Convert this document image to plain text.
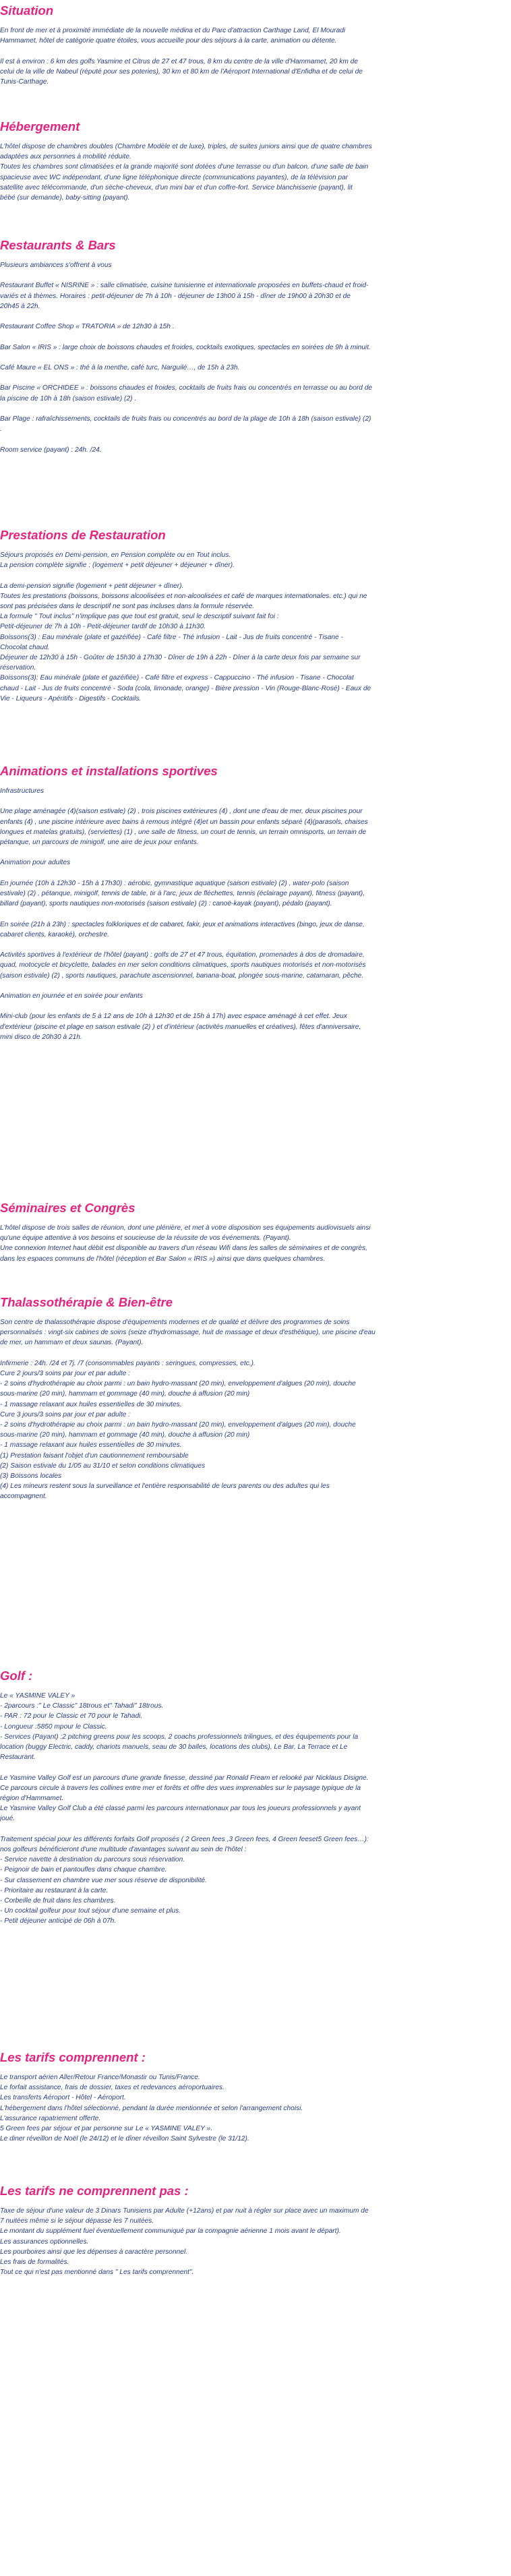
Situation
En front de mer et à proximité immédiate de la nouvelle médina et du Parc d'attraction Carthage Land, El Mouradi
Hammamet, hôtel de catégorie quatre étoiles, vous accueille pour des séjours à la carte, animation ou détente.
Il est à environ : 6 km des golfs Yasmine et Citrus de 27 et 47 trous, 8 km du centre de la ville d'Hammamet, 20 km de
celui de la ville de Nabeul (réputé pour ses poteries), 30 km et 80 km de l'Aéroport International d'Enfidha et de celui de
Tunis-Carthage.
Hébergement
L'hôtel dispose de chambres doubles (Chambre Modèle et de luxe), triples, de suites juniors ainsi que de quatre chambres
adaptées aux personnes à mobilité réduite.
Toutes les chambres sont climatisées et la grande majorité sont dotées d'une terrasse ou d'un balcon, d'une salle de bain
spacieuse avec WC indépendant, d'une ligne téléphonique directe (communications payantes), de la télévision par
satellite avec télécommande, d'un sèche-cheveux, d'un mini bar et d'un coffre-fort. Service blanchisserie (payant), lit
bébé (sur demande), baby-sitting (payant).
Restaurants & Bars
Plusieurs ambiances s'offrent à vous
Restaurant Buffet « NISRINE » : salle climatisée, cuisine tunisienne et internationale proposées en buffets-chaud et froid-
variés et à thèmes. Horaires : petit-déjeuner de 7h à 10h - déjeuner de 13h00 à 15h - dîner de 19h00 à 20h30 et de
20h45 à 22h.
Restaurant Coffee Shop « TRATORIA » de 12h30 à 15h .
Bar Salon « IRIS » : large choix de boissons chaudes et froides, cocktails exotiques, spectacles en soirées de 9h à minuit.
Café Maure « EL ONS » : thé à la menthe, café turc, Narguilé…, de 15h à 23h.
Bar Piscine « ORCHIDEE » : boissons chaudes et froides, cocktails de fruits frais ou concentrés en terrasse ou au bord de
la piscine de 10h à 18h (saison estivale) (2) .
Bar Plage : rafraîchissements, cocktails de fruits frais ou concentrés au bord de la plage de 10h à 18h (saison estivale) (2)
.
Room service (payant) : 24h. /24.
Prestations de Restauration
Séjours proposés en Demi-pension, en Pension complète ou en Tout inclus.
La pension complète signifie : (logement + petit déjeuner + déjeuner + dîner).
La demi-pension signifie (logement + petit déjeuner + dîner).
Toutes les prestations (boissons, boissons alcoolisées et non-alcoolisées et café de marques internationales. etc.) qui ne
sont pas précisées dans le descriptif ne sont pas incluses dans la formule réservée.
La formule " Tout inclus" n'implique pas que tout est gratuit, seul le descriptif suivant fait foi :
Petit-déjeuner de 7h à 10h - Petit-déjeuner tardif de 10h30 à 11h30.
Boissons(3) : Eau minérale (plate et gazéifiée) - Café filtre - Thé infusion - Lait - Jus de fruits concentré - Tisane -
Chocolat chaud.
Déjeuner de 12h30 à 15h - Goûter de 15h30 à 17h30 - Dîner de 19h à 22h - Dîner à la carte deux fois par semaine sur
réservation.
Boissons(3): Eau minérale (plate et gazéifiée) - Café filtre et express - Cappuccino - Thé infusion - Tisane - Chocolat
chaud - Lait - Jus de fruits concentré - Soda (cola, limonade, orange) - Bière pression - Vin (Rouge-Blanc-Rosé) - Eaux de
Vie - Liqueurs - Apéritifs - Digestifs - Cocktails.
Animations et installations sportives
Infrastructures
Une plage aménagée (4)(saison estivale) (2) , trois piscines extérieures (4) , dont une d'eau de mer, deux piscines pour
enfants (4) , une piscine intérieure avec bains à remous intégré (4)et un bassin pour enfants séparé (4)(parasols, chaises
longues et matelas gratuits), (serviettes) (1) , une salle de fitness, un court de tennis, un terrain omnisports, un terrain de
pétanque, un parcours de minigolf, une aire de jeux pour enfants.
Animation pour adultes
En journée (10h à 12h30 - 15h à 17h30) : aérobic, gymnastique aquatique (saison estivale) (2) , water-polo (saison
estivale) (2) , pétanque, minigolf, tennis de table, tir à l'arc, jeux de fléchettes, tennis (éclairage payant), fitness (payant),
billard (payant), sports nautiques non-motorisés (saison estivale) (2) : canoë-kayak (payant), pédalo (payant).
En soirée (21h à 23h) : spectacles folkloriques et de cabaret, fakir, jeux et animations interactives (bingo, jeux de danse,
cabaret clients, karaoké), orchestre.
Activités sportives à l'extérieur de l'hôtel (payant) : golfs de 27 et 47 trous, équitation, promenades à dos de dromadaire,
quad, motocycle et bicyclette, balades en mer selon conditions climatiques, sports nautiques motorisés et non-motorisés
(saison estivale) (2) , sports nautiques, parachute ascensionnel, banana-boat, plongée sous-marine, catamaran, pêche.
Animation en journée et en soirée pour enfants
Mini-club (pour les enfants de 5 à 12 ans de 10h à 12h30 et de 15h à 17h) avec espace aménagé à cet effet. Jeux
d'extérieur (piscine et plage en saison estivale (2) ) et d'intérieur (activités manuelles et créatives), fêtes d'anniversaire,
mini disco de 20h30 à 21h.
Séminaires et Congrès
L'hôtel dispose de trois salles de réunion, dont une plénière, et met à votre disposition ses équipements audiovisuels ainsi
qu'une équipe attentive à vos besoins et soucieuse de la réussite de vos événements. (Payant).
Une connexion Internet haut débit est disponible au travers d'un réseau Wifi dans les salles de séminaires et de congrès,
dans les espaces communs de l'hôtel (réception et Bar Salon « IRIS ») ainsi que dans quelques chambres.
Thalassothérapie & Bien-être
Son centre de thalassothérapie dispose d'équipements modernes et de qualité et délivre des programmes de soins
personnalisés : vingt-six cabines de soins (seize d'hydromassage, huit de massage et deux d'esthétique), une piscine d'eau
de mer, un hammam et deux saunas. (Payant).
Infirmerie : 24h. /24 et 7j. /7 (consommables payants : seringues, compresses, etc.).
Cure 2 jours/3 soins par jour et par adulte :
- 2 soins d'hydrothérapie au choix parmi : un bain hydro-massant (20 min), enveloppement d'algues (20 min), douche
sous-marine (20 min), hammam et gommage (40 min), douche à affusion (20 min)
- 1 massage relaxant aux huiles essentielles de 30 minutes.
Cure 3 jours/3 soins par jour et par adulte :
- 2 soins d'hydrothérapie au choix parmi : un bain hydro-massant (20 min), enveloppement d'algues (20 min), douche
sous-marine (20 min), hammam et gommage (40 min), douche à affusion (20 min)
- 1 massage relaxant aux huiles essentielles de 30 minutes.
(1) Prestation faisant l'objet d'un cautionnement remboursable
(2) Saison estivale du 1/05 au 31/10 et selon conditions climatiques
(3) Boissons locales
(4) Les mineurs restent sous la surveillance et l'entière responsabilité de leurs parents ou des adultes qui les
accompagnent.
Golf :
Le « YASMINE VALEY »
- 2parcours :" Le Classic" 18trous et" Tahadi" 18trous.
- PAR : 72 pour le Classic et 70 pour le Tahadi.
- Longueur :5850 mpour le Classic.
- Services (Payant) :2 pitching greens pour les scoops, 2 coachs professionnels trilingues, et des équipements pour la
location (buggy Electric, caddy, chariots manuels, seau de 30 balles, locations des clubs), Le Bar, La Terrace et Le
Restaurant.
Le Yasmine Valley Golf est un parcours d'une grande finesse, dessiné par Ronald Fream et relooké par Nicklaus Disigne.
Ce parcours circule à travers les collines entre mer et forêts et offre des vues imprenables sur le paysage typique de la
région d'Hammamet.
Le Yasmine Valley Golf Club a été classé parmi les parcours internationaux par tous les joueurs professionnels y ayant
joué.
Traitement spécial pour les différents forfaits Golf proposés ( 2 Green fees ,3 Green fees, 4 Green feeset5 Green fees…):
nos golfeurs bénéficieront d'une multitude d'avantages suivant au sein de l'hôtel :
- Service navette à destination du parcours sous réservation.
- Peignoir de bain et pantoufles dans chaque chambre.
- Sur classement en chambre vue mer sous réserve de disponibilité.
- Prioritaire au restaurant à la carte.
- Corbeille de fruit dans les chambres.
- Un cocktail golfeur pour tout séjour d'une semaine et plus.
- Petit déjeuner anticipé de 06h à 07h.
Les tarifs comprennent :
Le transport aérien Aller/Retour France/Monastir ou Tunis/France.
Le forfait assistance, frais de dossier, taxes et redevances aéroportuaires.
Les transferts Aéroport - Hôtel - Aéroport.
L'hébergement dans l'hôtel sélectionné, pendant la durée mentionnée et selon l'arrangement choisi.
L'assurance rapatriement offerte.
5 Green fees par séjour et par personne sur Le « YASMINE VALEY ».
Le diner réveillon de Noël (le 24/12) et le dîner réveillon Saint Sylvestre (le 31/12).
Les tarifs ne comprennent pas :
Taxe de séjour d'une valeur de 3 Dinars Tunisiens par Adulte (+12ans) et par nuit à régler sur place avec un maximum de
7 nuitées même si le séjour dépasse les 7 nuitées.
Le montant du supplément fuel éventuellement communiqué par la compagnie aérienne 1 mois avant le départ).
Les assurances optionnelles.
Les pourboires ainsi que les dépenses à caractère personnel.
Les frais de formalités.
Tout ce qui n'est pas mentionné dans " Les tarifs comprennent".
